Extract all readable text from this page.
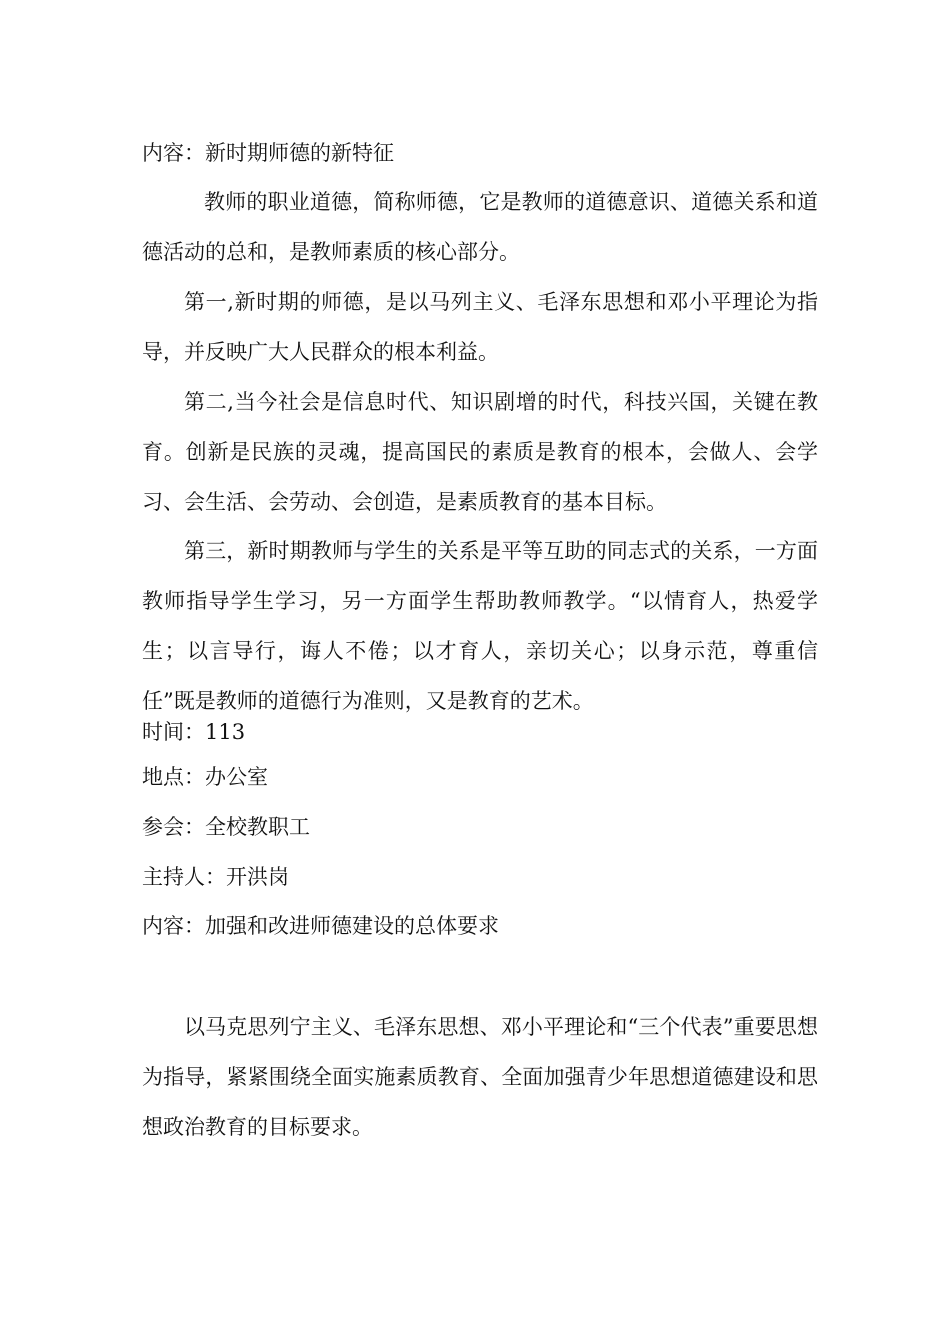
内容：新时期师德的新特征

教师的职业道德，简称师德，它是教师的道德意识、道德关系和道德活动的总和，是教师素质的核心部分。

第一,新时期的师德，是以马列主义、毛泽东思想和邓小平理论为指导，并反映广大人民群众的根本利益。

第二,当今社会是信息时代、知识剧增的时代，科技兴国，关键在教育。创新是民族的灵魂，提高国民的素质是教育的根本，会做人、会学习、会生活、会劳动、会创造，是素质教育的基本目标。

第三，新时期教师与学生的关系是平等互助的同志式的关系，一方面教师指导学生学习，另一方面学生帮助教师教学。“以情育人，热爱学生；以言导行，诲人不倦；以才育人，亲切关心；以身示范，尊重信任”既是教师的道德行为准则，又是教育的艺术。

时间：113

地点：办公室

参会：全校教职工

主持人：开洪岗

内容：加强和改进师德建设的总体要求

以马克思列宁主义、毛泽东思想、邓小平理论和“三个代表”重要思想为指导，紧紧围绕全面实施素质教育、全面加强青少年思想道德建设和思想政治教育的目标要求。
